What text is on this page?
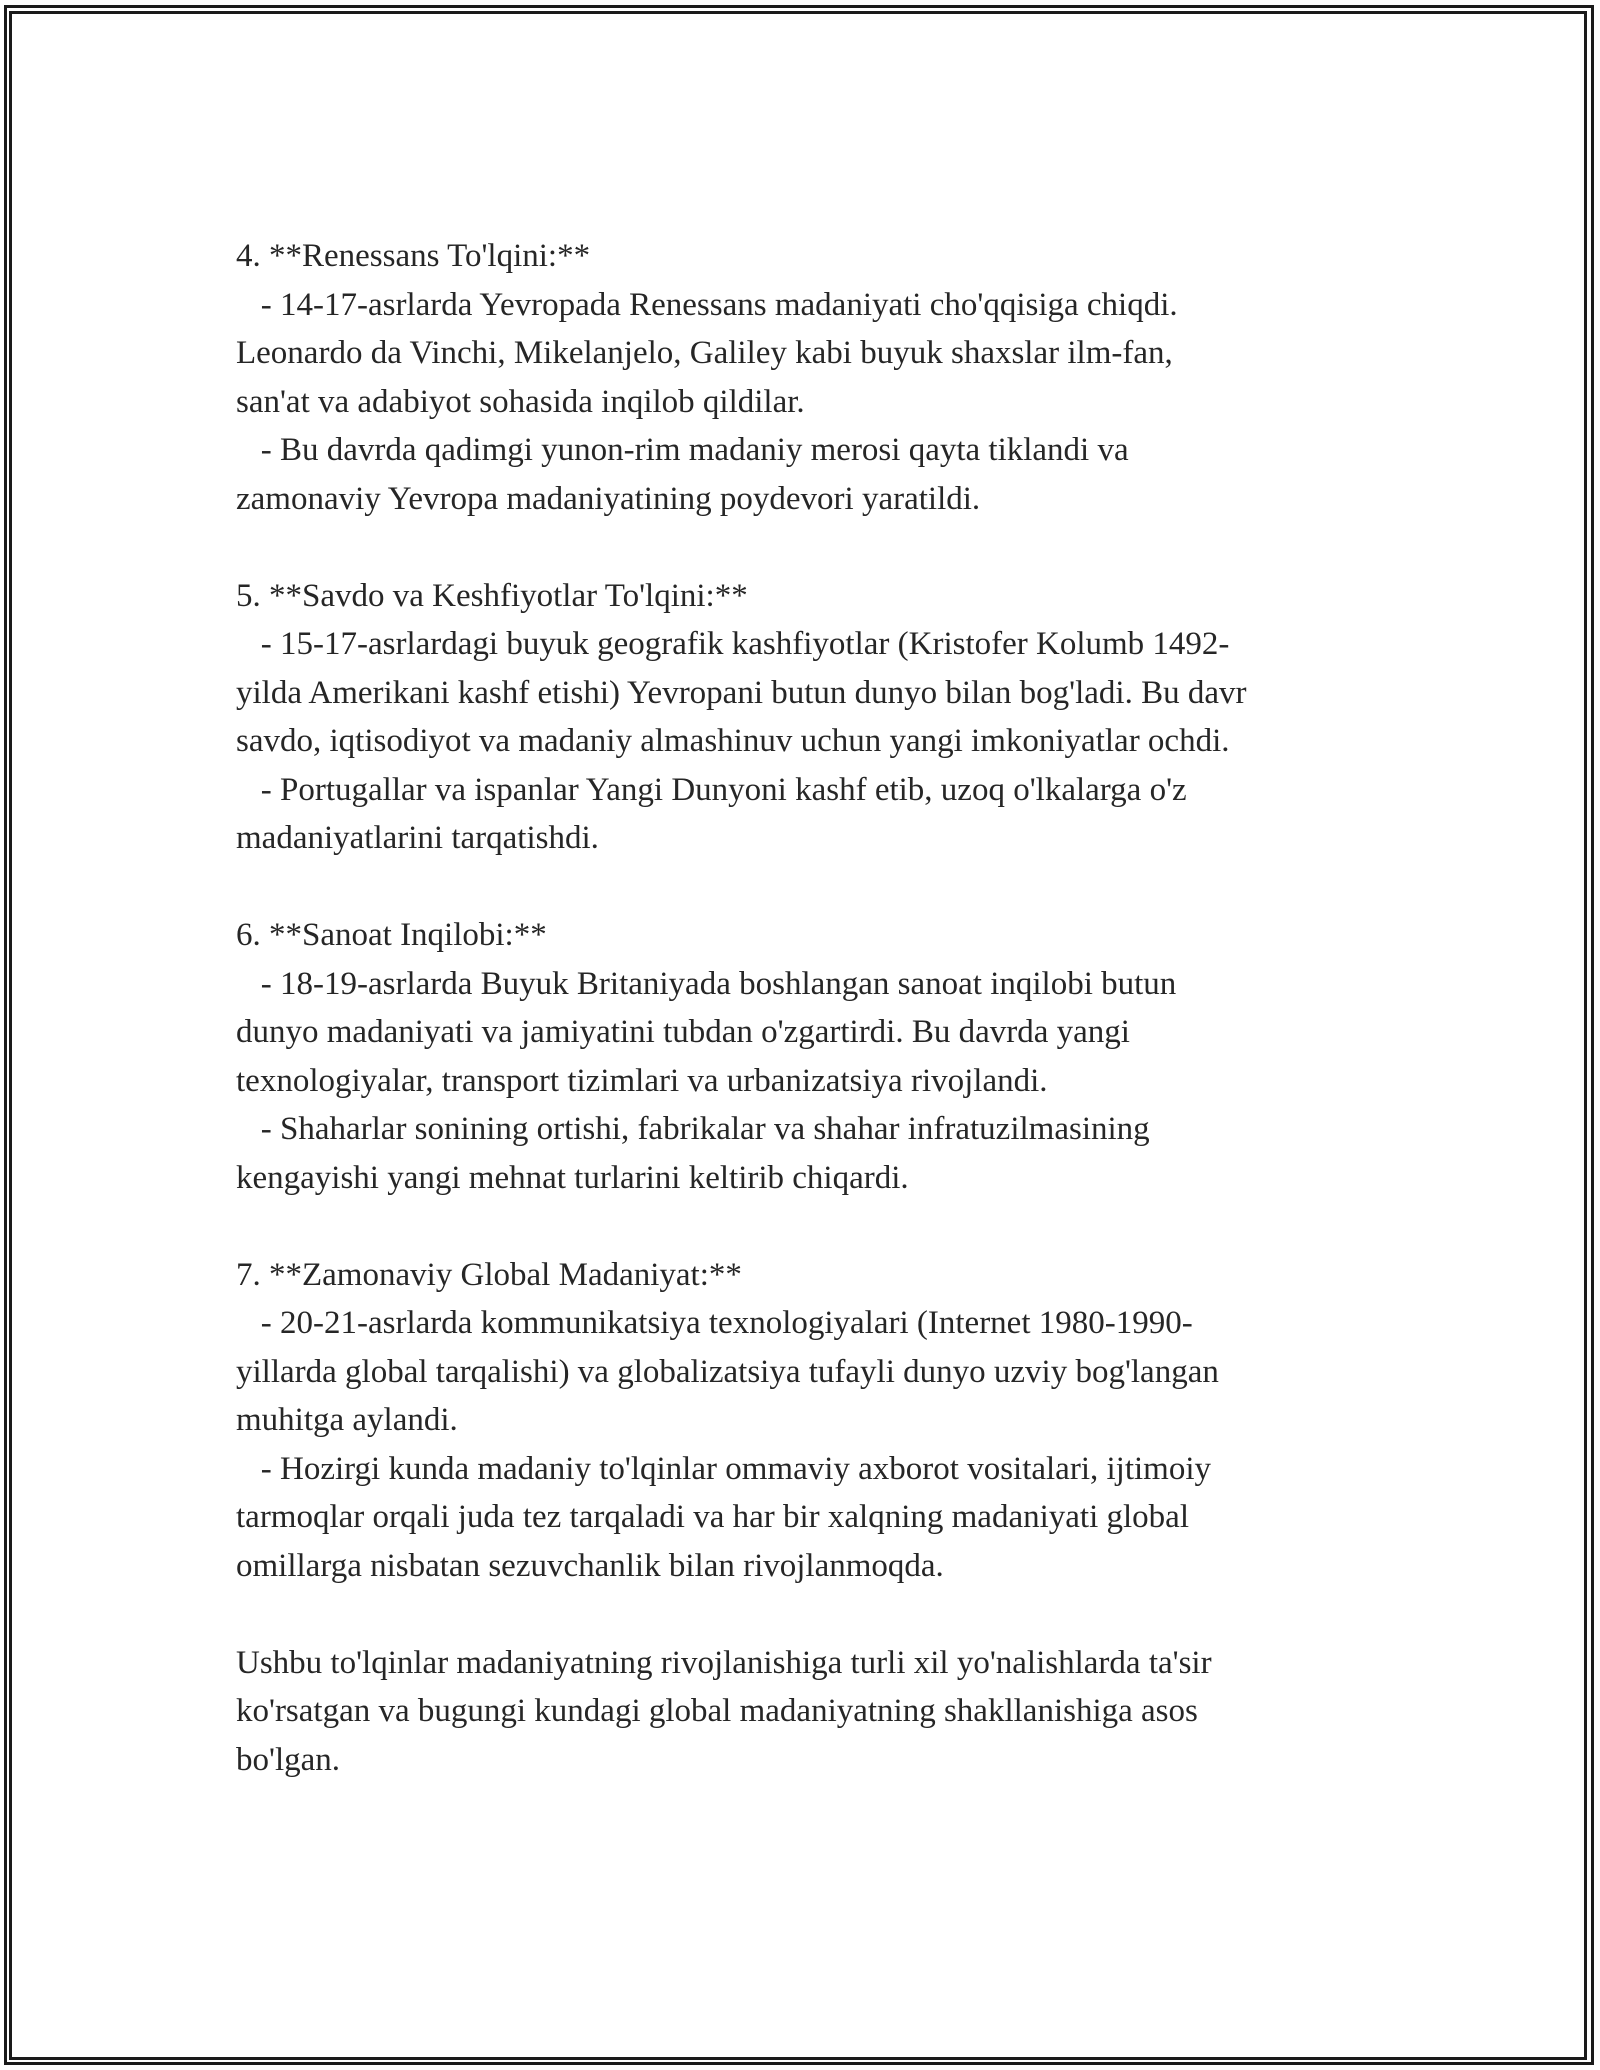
4. **Renessans To'lqini:**

- 14-17-asrlarda Yevropada Renessans madaniyati cho'qqisiga chiqdi.

Leonardo da Vinchi, Mikelanjelo, Galiley kabi buyuk shaxslar ilm-fan,

san'at va adabiyot sohasida inqilob qildilar.

- Bu davrda qadimgi yunon-rim madaniy merosi qayta tiklandi va

zamonaviy Yevropa madaniyatining poydevori yaratildi.

5. **Savdo va Keshfiyotlar To'lqini:**

- 15-17-asrlardagi buyuk geografik kashfiyotlar (Kristofer Kolumb 1492-

yilda Amerikani kashf etishi) Yevropani butun dunyo bilan bog'ladi. Bu davr

savdo, iqtisodiyot va madaniy almashinuv uchun yangi imkoniyatlar ochdi.

- Portugallar va ispanlar Yangi Dunyoni kashf etib, uzoq o'lkalarga o'z

madaniyatlarini tarqatishdi.

6. **Sanoat Inqilobi:**

- 18-19-asrlarda Buyuk Britaniyada boshlangan sanoat inqilobi butun

dunyo madaniyati va jamiyatini tubdan o'zgartirdi. Bu davrda yangi

texnologiyalar, transport tizimlari va urbanizatsiya rivojlandi.

- Shaharlar sonining ortishi, fabrikalar va shahar infratuzilmasining

kengayishi yangi mehnat turlarini keltirib chiqardi.

7. **Zamonaviy Global Madaniyat:**

- 20-21-asrlarda kommunikatsiya texnologiyalari (Internet 1980-1990-

yillarda global tarqalishi) va globalizatsiya tufayli dunyo uzviy bog'langan

muhitga aylandi.

- Hozirgi kunda madaniy to'lqinlar ommaviy axborot vositalari, ijtimoiy

tarmoqlar orqali juda tez tarqaladi va har bir xalqning madaniyati global

omillarga nisbatan sezuvchanlik bilan rivojlanmoqda.

Ushbu to'lqinlar madaniyatning rivojlanishiga turli xil yo'nalishlarda ta'sir

ko'rsatgan va bugungi kundagi global madaniyatning shakllanishiga asos

bo'lgan.
